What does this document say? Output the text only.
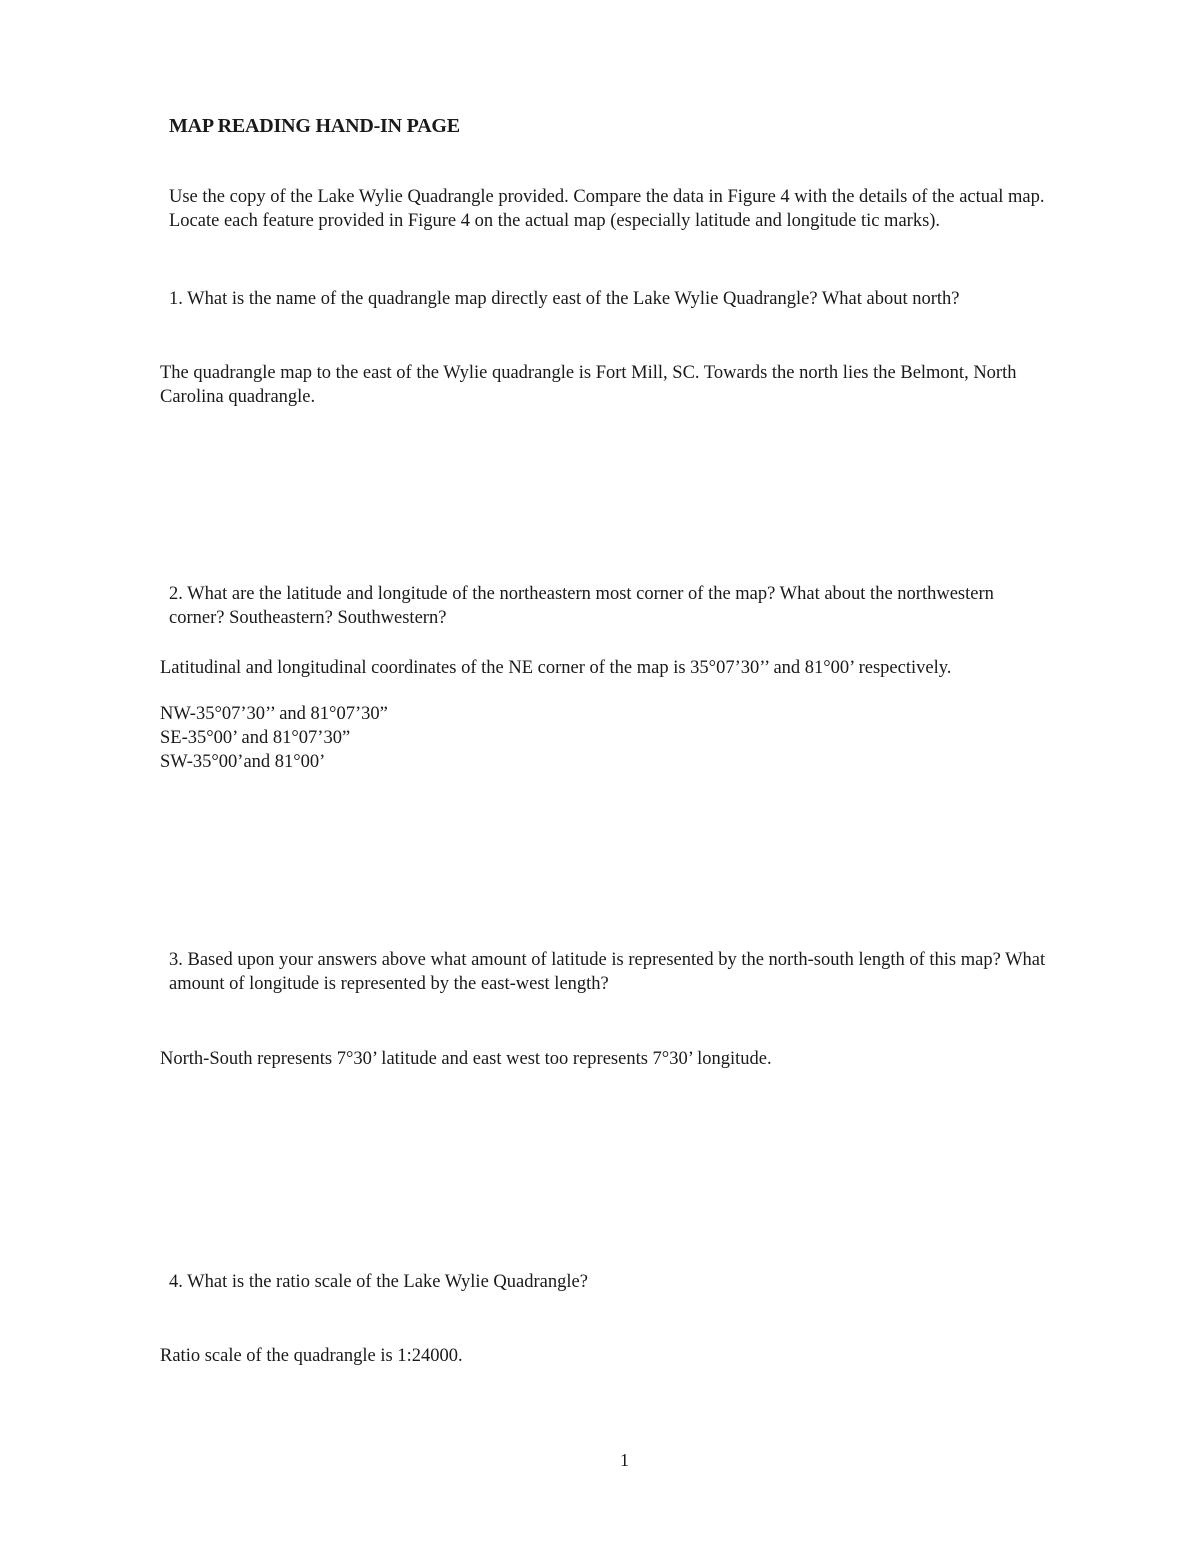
MAP READING HAND-IN PAGE
Use the copy of the Lake Wylie Quadrangle provided. Compare the data in Figure 4 with the details of the actual map. Locate each feature provided in Figure 4 on the actual map (especially latitude and longitude tic marks).
1. What is the name of the quadrangle map directly east of the Lake Wylie Quadrangle? What about north?
The quadrangle map to the east of the Wylie quadrangle is Fort Mill, SC. Towards the north lies the Belmont, North Carolina quadrangle.
2. What are the latitude and longitude of the northeastern most corner of the map? What about the northwestern corner? Southeastern? Southwestern?
Latitudinal and longitudinal coordinates of the NE corner of the map is 35°07’30’’ and 81°00’ respectively.
NW-35°07’30’’ and 81°07’30”
SE-35°00’ and 81°07’30”
SW-35°00’and 81°00’
3. Based upon your answers above what amount of latitude is represented by the north-south length of this map? What amount of longitude is represented by the east-west length?
North-South represents 7°30’ latitude and east west too represents 7°30’ longitude.
4. What is the ratio scale of the Lake Wylie Quadrangle?
Ratio scale of the quadrangle is 1:24000.
1
